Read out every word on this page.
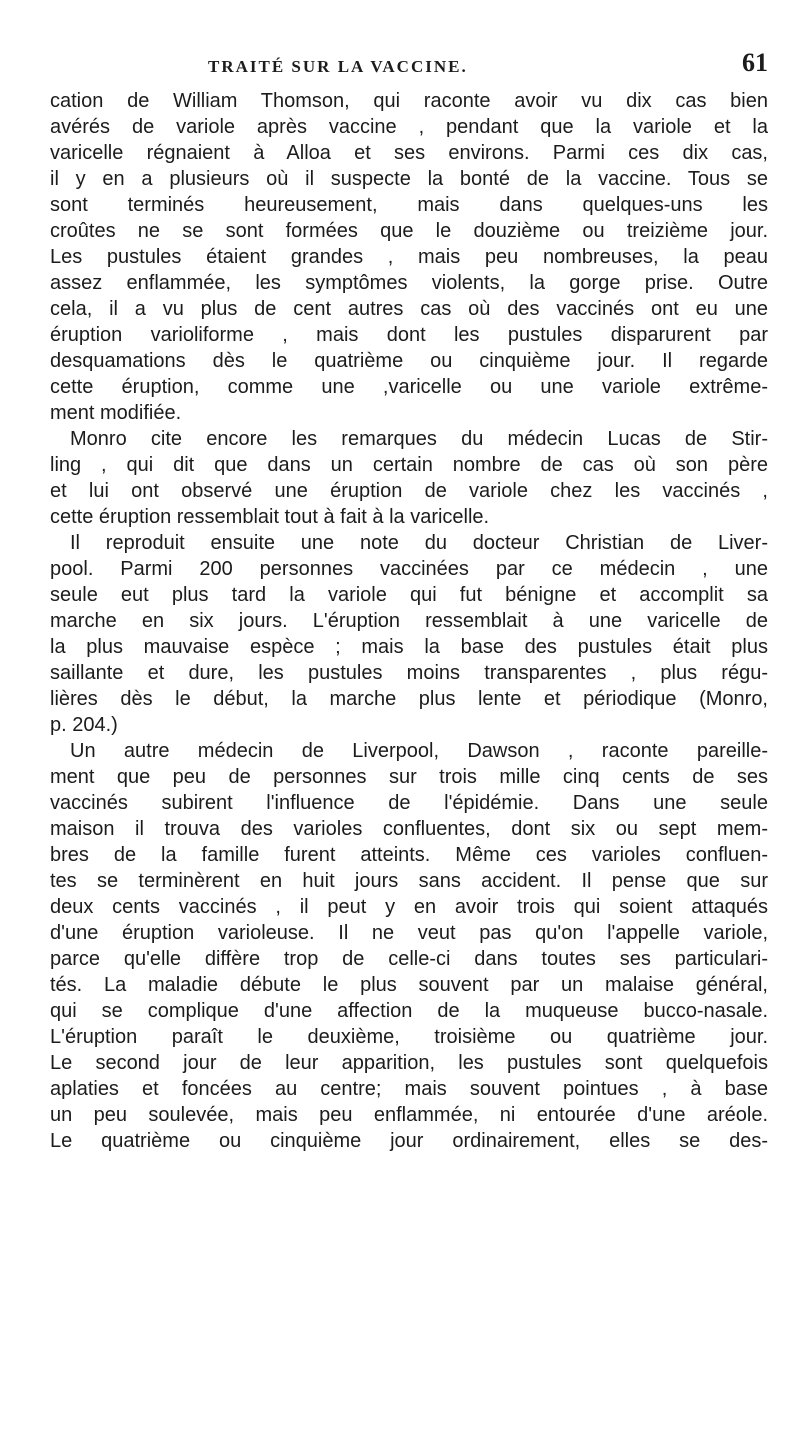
TRAITÉ SUR LA VACCINE.	61
cation de William Thomson, qui raconte avoir vu dix cas bien
avérés de variole après vaccine , pendant que la variole et la
varicelle régnaient à Alloa et ses environs. Parmi ces dix cas,
il y en a plusieurs où il suspecte la bonté de la vaccine. Tous se
sont terminés heureusement, mais dans quelques-uns les
croûtes ne se sont formées que le douzième ou treizième jour.
Les pustules étaient grandes , mais peu nombreuses, la peau
assez enflammée, les symptômes violents, la gorge prise. Outre
cela, il a vu plus de cent autres cas où des vaccinés ont eu une
éruption varioliforme , mais dont les pustules disparurent par
desquamations dès le quatrième ou cinquième jour. Il regarde
cette éruption, comme une ,varicelle ou une variole extrême-
ment modifiée.
Monro cite encore les remarques du médecin Lucas de Stir-
ling , qui dit que dans un certain nombre de cas où son père
et lui ont observé une éruption de variole chez les vaccinés ,
cette éruption ressemblait tout à fait à la varicelle.
Il reproduit ensuite une note du docteur Christian de Liver-
pool. Parmi 200 personnes vaccinées par ce médecin , une
seule eut plus tard la variole qui fut bénigne et accomplit sa
marche en six jours. L'éruption ressemblait à une varicelle de
la plus mauvaise espèce ; mais la base des pustules était plus
saillante et dure, les pustules moins transparentes , plus régu-
lières dès le début, la marche plus lente et périodique (Monro,
p. 204.)
Un autre médecin de Liverpool, Dawson , raconte pareille-
ment que peu de personnes sur trois mille cinq cents de ses
vaccinés subirent l'influence de l'épidémie. Dans une seule
maison il trouva des varioles confluentes, dont six ou sept mem-
bres de la famille furent atteints. Même ces varioles confluen-
tes se terminèrent en huit jours sans accident. Il pense que sur
deux cents vaccinés , il peut y en avoir trois qui soient attaqués
d'une éruption varioleuse. Il ne veut pas qu'on l'appelle variole,
parce qu'elle diffère trop de celle-ci dans toutes ses particulari-
tés. La maladie débute le plus souvent par un malaise général,
qui se complique d'une affection de la muqueuse bucco-nasale.
L'éruption paraît le deuxième, troisième ou quatrième jour.
Le second jour de leur apparition, les pustules sont quelquefois
aplaties et foncées au centre; mais souvent pointues , à base
un peu soulevée, mais peu enflammée, ni entourée d'une aréole.
Le quatrième ou cinquième jour ordinairement, elles se des-
